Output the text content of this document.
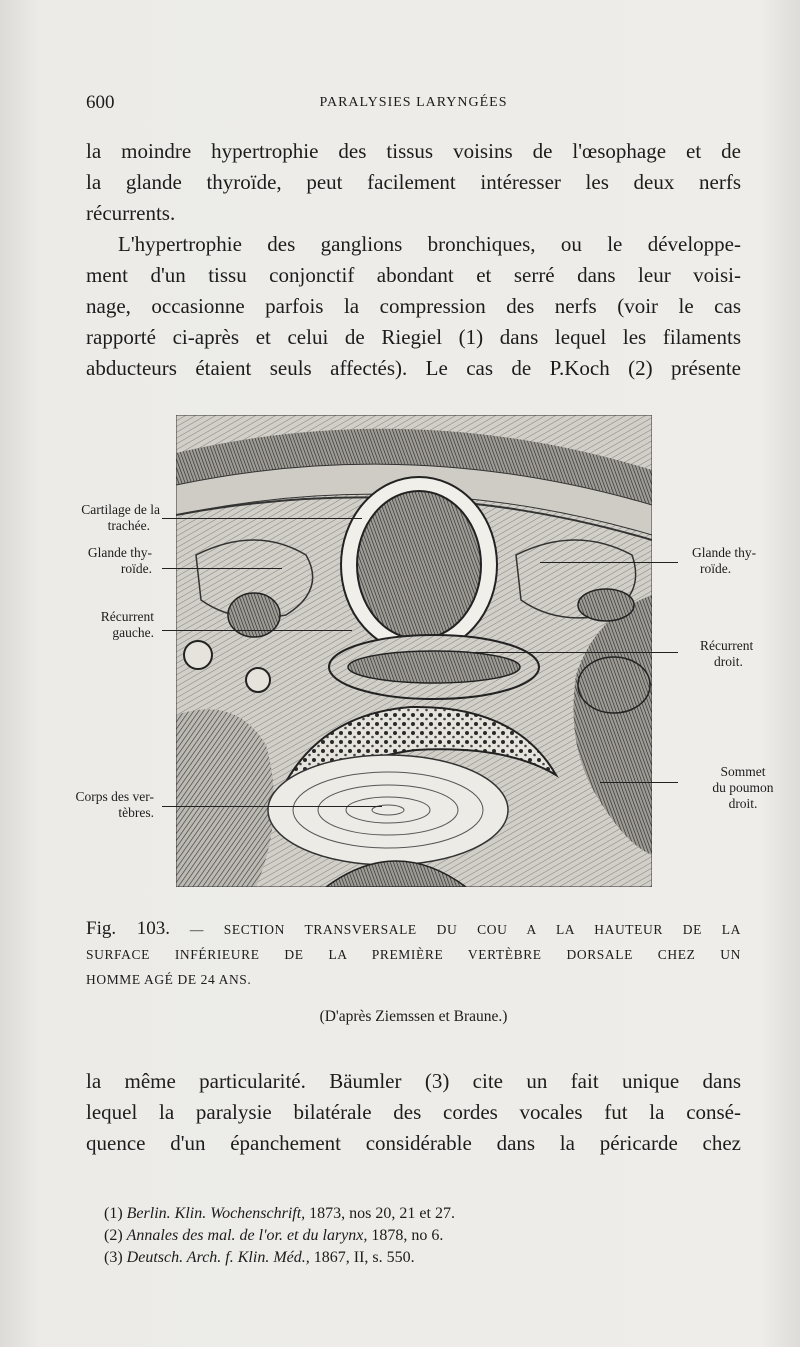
600	PARALYSIES LARYNGÉES

la moindre hypertrophie des tissus voisins de l'œsophage et de
la glande thyroïde, peut facilement intéresser les deux nerfs
récurrents.

L'hypertrophie des ganglions bronchiques, ou le développe-
ment d'un tissu conjonctif abondant et serré dans leur voisi-
nage, occasionne parfois la compression des nerfs (voir le cas
rapporté ci-après et celui de Riegiel (1) dans lequel les filaments
abducteurs étaient seuls affectés). Le cas de P.Koch (2) présente

Cartilage de la
trachée.
Glande thy-
roïde.
Récurrent
gauche.
Corps des ver-
tèbres.
Glande thy-
roïde.
Récurrent
droit.
Sommet
du poumon
droit.
Fig. 103. — SECTION TRANSVERSALE DU COU A LA HAUTEUR DE LA
SURFACE INFÉRIEURE DE LA PREMIÈRE VERTÈBRE DORSALE CHEZ UN
HOMME AGÉ DE 24 ANS.
(D'après Ziemssen et Braune.)

la même particularité. Bäumler (3) cite un fait unique dans
lequel la paralysie bilatérale des cordes vocales fut la consé-
quence d'un épanchement considérable dans la péricarde chez

(1) Berlin. Klin. Wochenschrift, 1873, nos 20, 21 et 27.
(2) Annales des mal. de l'or. et du larynx, 1878, no 6.
(3) Deutsch. Arch. f. Klin. Méd., 1867, II, s. 550.
